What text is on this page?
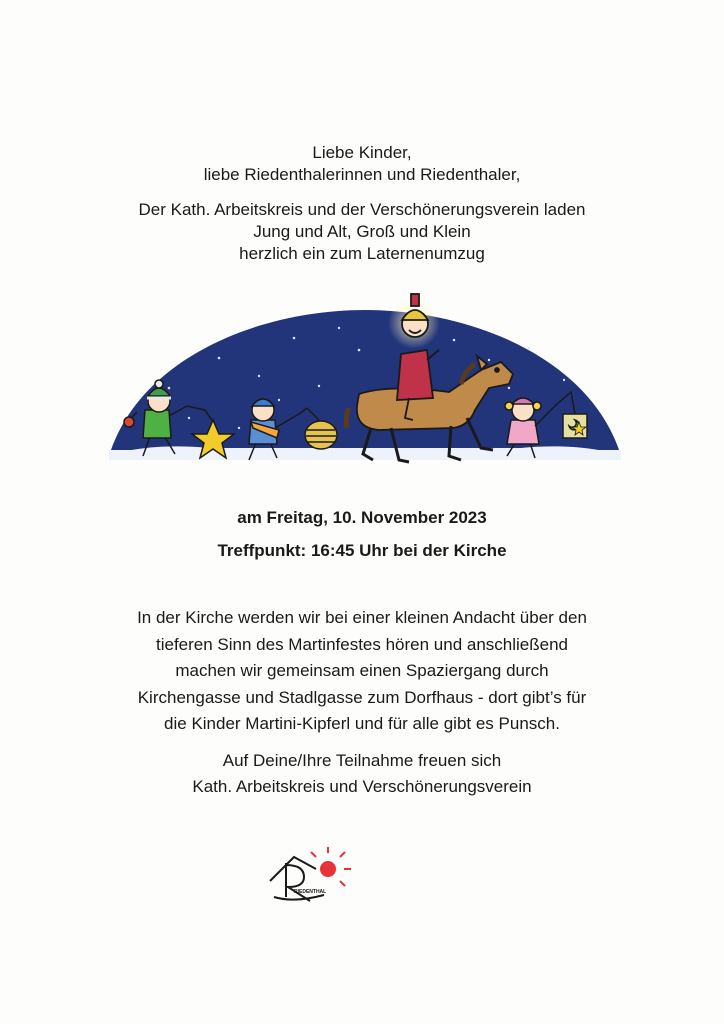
Liebe Kinder,
liebe Riedenthalerinnen und Riedenthaler,
Der Kath. Arbeitskreis und der Verschönerungsverein laden
Jung und Alt, Groß und Klein
herzlich ein zum Laternenumzug
am Freitag, 10. November 2023
Treffpunkt: 16:45 Uhr bei der Kirche
In der Kirche werden wir bei einer kleinen Andacht über den
tieferen Sinn des Martinfestes hören und anschließend
machen wir gemeinsam einen Spaziergang durch
Kirchengasse und Stadlgasse zum Dorfhaus - dort gibt’s für
die Kinder Martini-Kipferl und für alle gibt es Punsch.
Auf Deine/Ihre Teilnahme freuen sich
Kath. Arbeitskreis und Verschönerungsverein
RIEDENTHAL
